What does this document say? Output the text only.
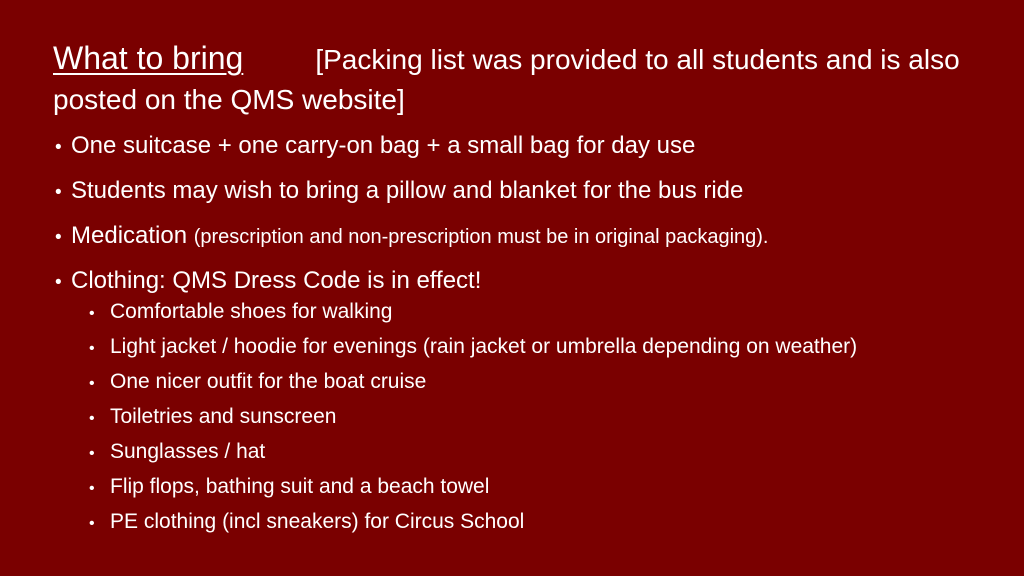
What to bring	[Packing list was provided to all students and is also posted on the QMS website]
• One suitcase + one carry-on bag + a small bag for day use
• Students may wish to bring a pillow and blanket for the bus ride
• Medication (prescription and non-prescription must be in original packaging).
• Clothing: QMS Dress Code is in effect!
• Comfortable shoes for walking
• Light jacket / hoodie for evenings (rain jacket or umbrella depending on weather)
• One nicer outfit for the boat cruise
• Toiletries and sunscreen
• Sunglasses / hat
• Flip flops, bathing suit and a beach towel
• PE clothing (incl sneakers) for Circus School
